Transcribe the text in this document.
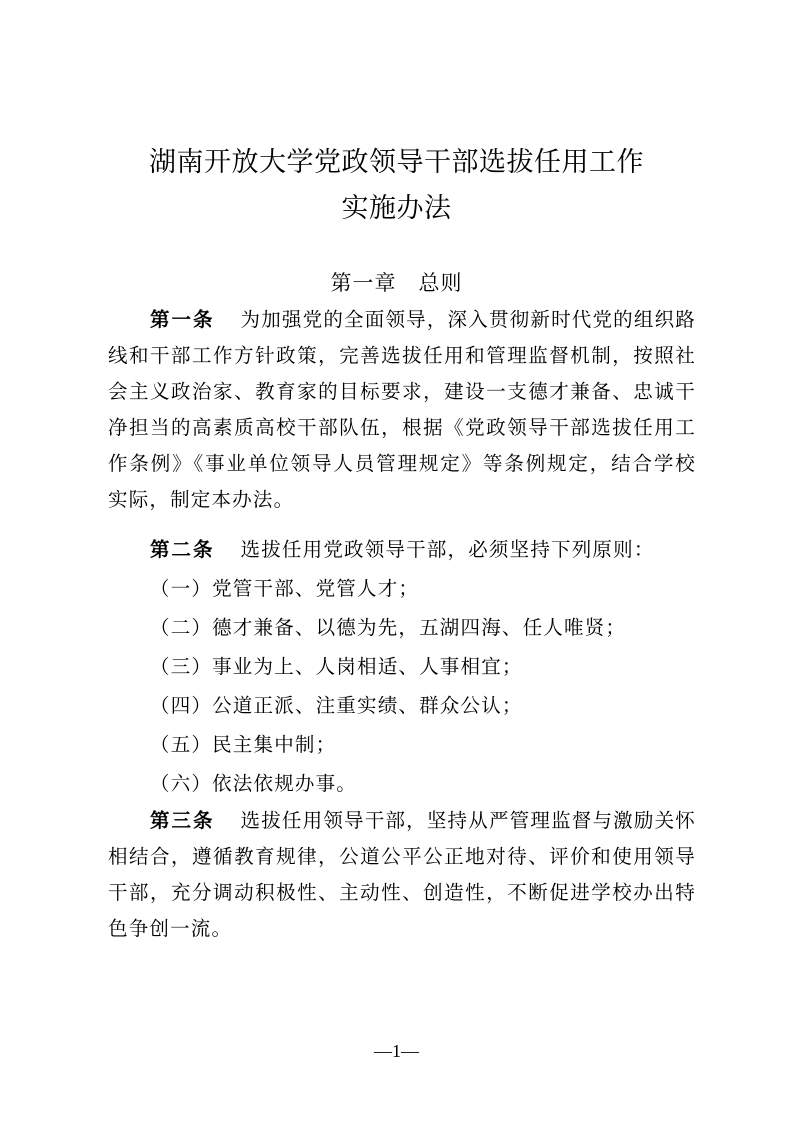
湖南开放大学党政领导干部选拔任用工作
实施办法
第一章 总则
第一条 为加强党的全面领导，深入贯彻新时代党的组织路线和干部工作方针政策，完善选拔任用和管理监督机制，按照社会主义政治家、教育家的目标要求，建设一支德才兼备、忠诚干净担当的高素质高校干部队伍，根据《党政领导干部选拔任用工作条例》《事业单位领导人员管理规定》等条例规定，结合学校实际，制定本办法。
第二条 选拔任用党政领导干部，必须坚持下列原则：
（一）党管干部、党管人才；
（二）德才兼备、以德为先，五湖四海、任人唯贤；
（三）事业为上、人岗相适、人事相宜；
（四）公道正派、注重实绩、群众公认；
（五）民主集中制；
（六）依法依规办事。
第三条 选拔任用领导干部，坚持从严管理监督与激励关怀相结合，遵循教育规律，公道公平公正地对待、评价和使用领导干部，充分调动积极性、主动性、创造性，不断促进学校办出特色争创一流。
—1—
